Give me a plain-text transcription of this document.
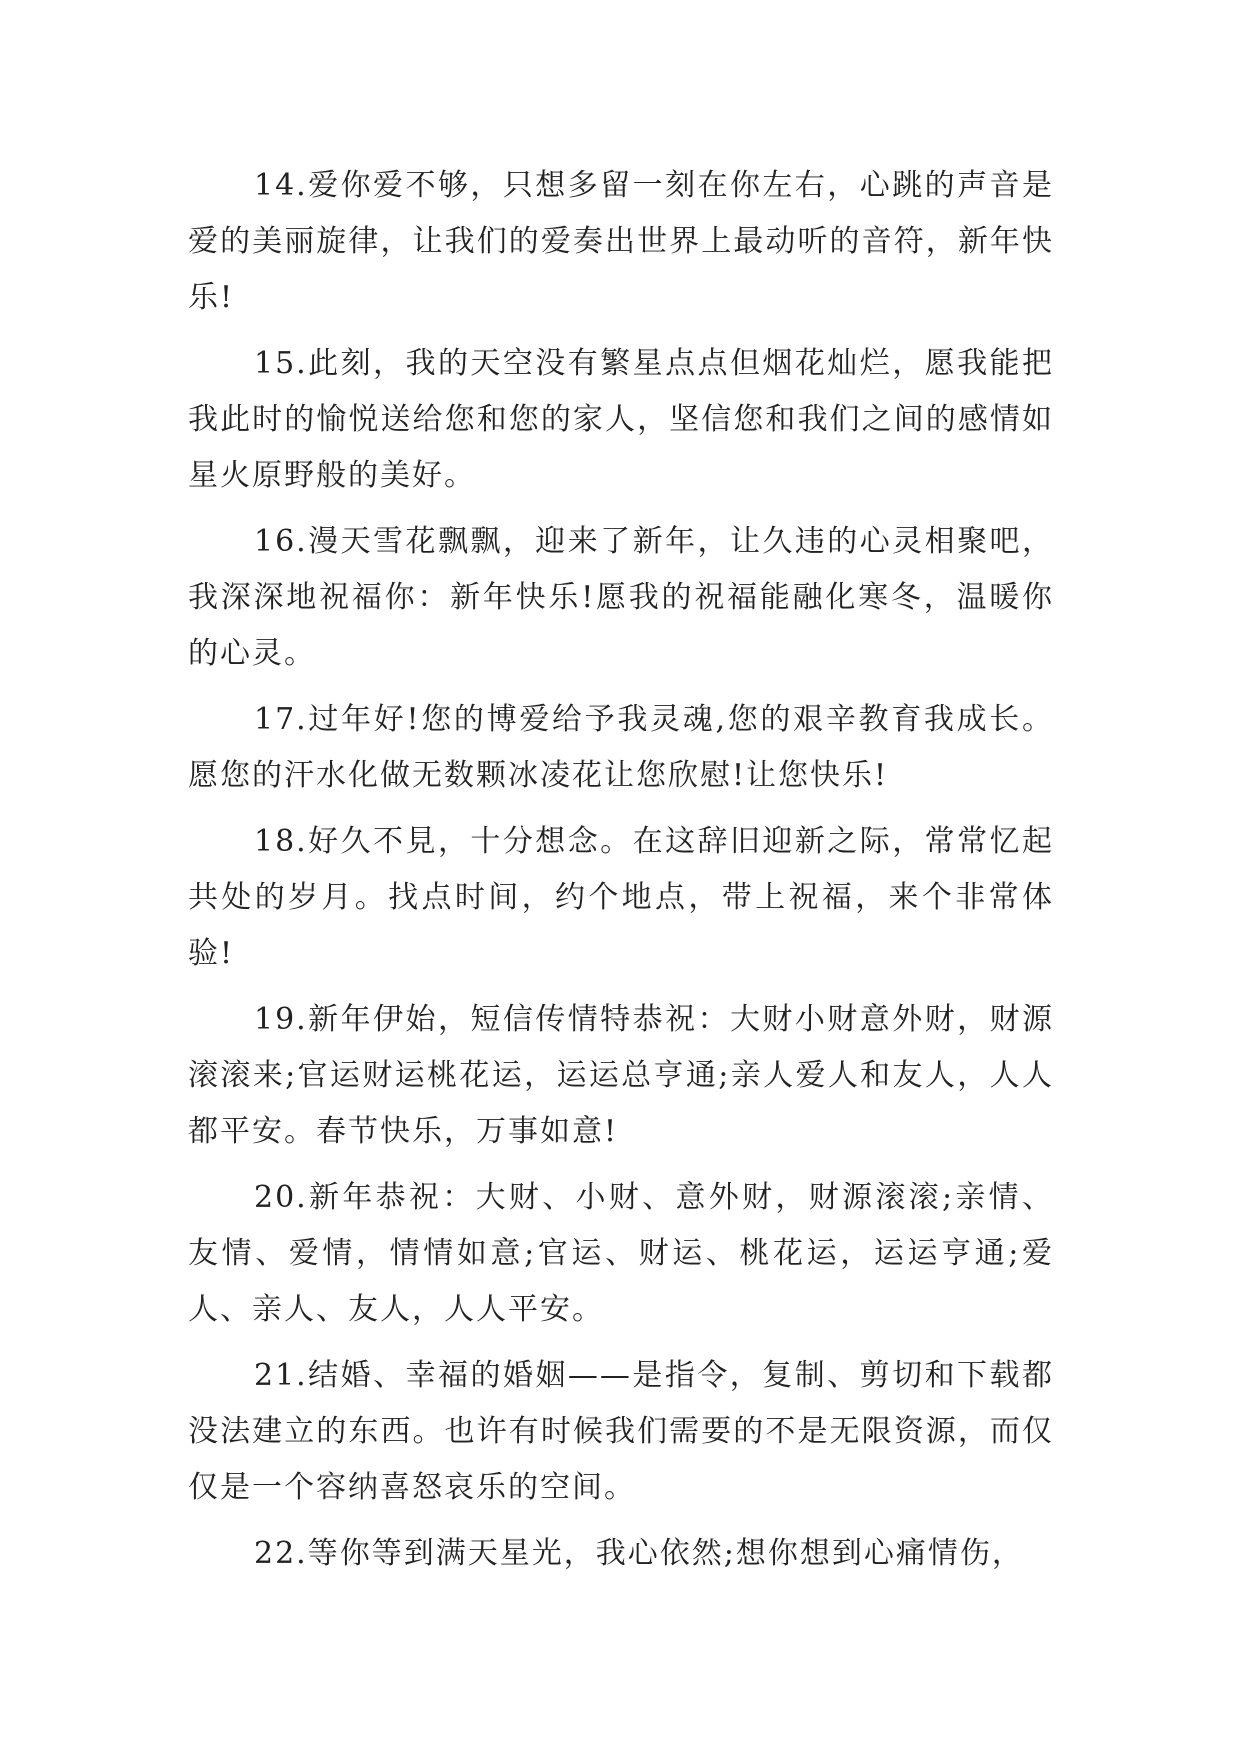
14.爱你爱不够，只想多留一刻在你左右，心跳的声音是爱的美丽旋律，让我们的爱奏出世界上最动听的音符，新年快乐!

15.此刻，我的天空没有繁星点点但烟花灿烂，愿我能把我此时的愉悦送给您和您的家人，坚信您和我们之间的感情如星火原野般的美好。

16.漫天雪花飘飘，迎来了新年，让久违的心灵相聚吧，我深深地祝福你：新年快乐!愿我的祝福能融化寒冬，温暖你的心灵。

17.过年好!您的博爱给予我灵魂,您的艰辛教育我成长。愿您的汗水化做无数颗冰凌花让您欣慰!让您快乐!

18.好久不見，十分想念。在这辞旧迎新之际，常常忆起共处的岁月。找点时间，约个地点，带上祝福，来个非常体验!

19.新年伊始，短信传情特恭祝：大财小财意外财，财源滚滚来;官运财运桃花运，运运总亨通;亲人爱人和友人，人人都平安。春节快乐，万事如意!

20.新年恭祝：大财、小财、意外财，财源滚滚;亲情、友情、爱情，情情如意;官运、财运、桃花运，运运亨通;爱人、亲人、友人，人人平安。

21.结婚、幸福的婚姻——是指令，复制、剪切和下载都没法建立的东西。也许有时候我们需要的不是无限资源，而仅仅是一个容纳喜怒哀乐的空间。

22.等你等到满天星光，我心依然;想你想到心痛情伤，
